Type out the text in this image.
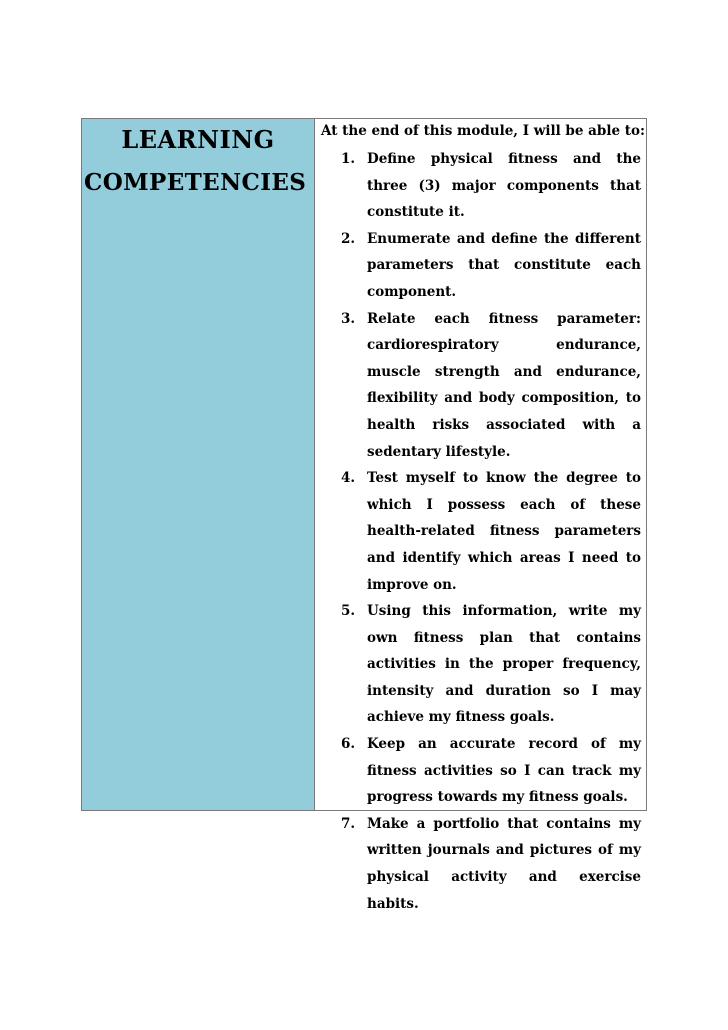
LEARNING
COMPETENCIES
At the end of this module, I will be able to:
1. Define physical fitness and the three (3) major components that constitute it.
2. Enumerate and define the different parameters that constitute each component.
3. Relate each fitness parameter: cardiorespiratory endurance, muscle strength and endurance, flexibility and body composition, to health risks associated with a sedentary lifestyle.
4. Test myself to know the degree to which I possess each of these health-related fitness parameters and identify which areas I need to improve on.
5. Using this information, write my own fitness plan that contains activities in the proper frequency, intensity and duration so I may achieve my fitness goals.
6. Keep an accurate record of my fitness activities so I can track my progress towards my fitness goals.
7. Make a portfolio that contains my written journals and pictures of my physical activity and exercise habits.
